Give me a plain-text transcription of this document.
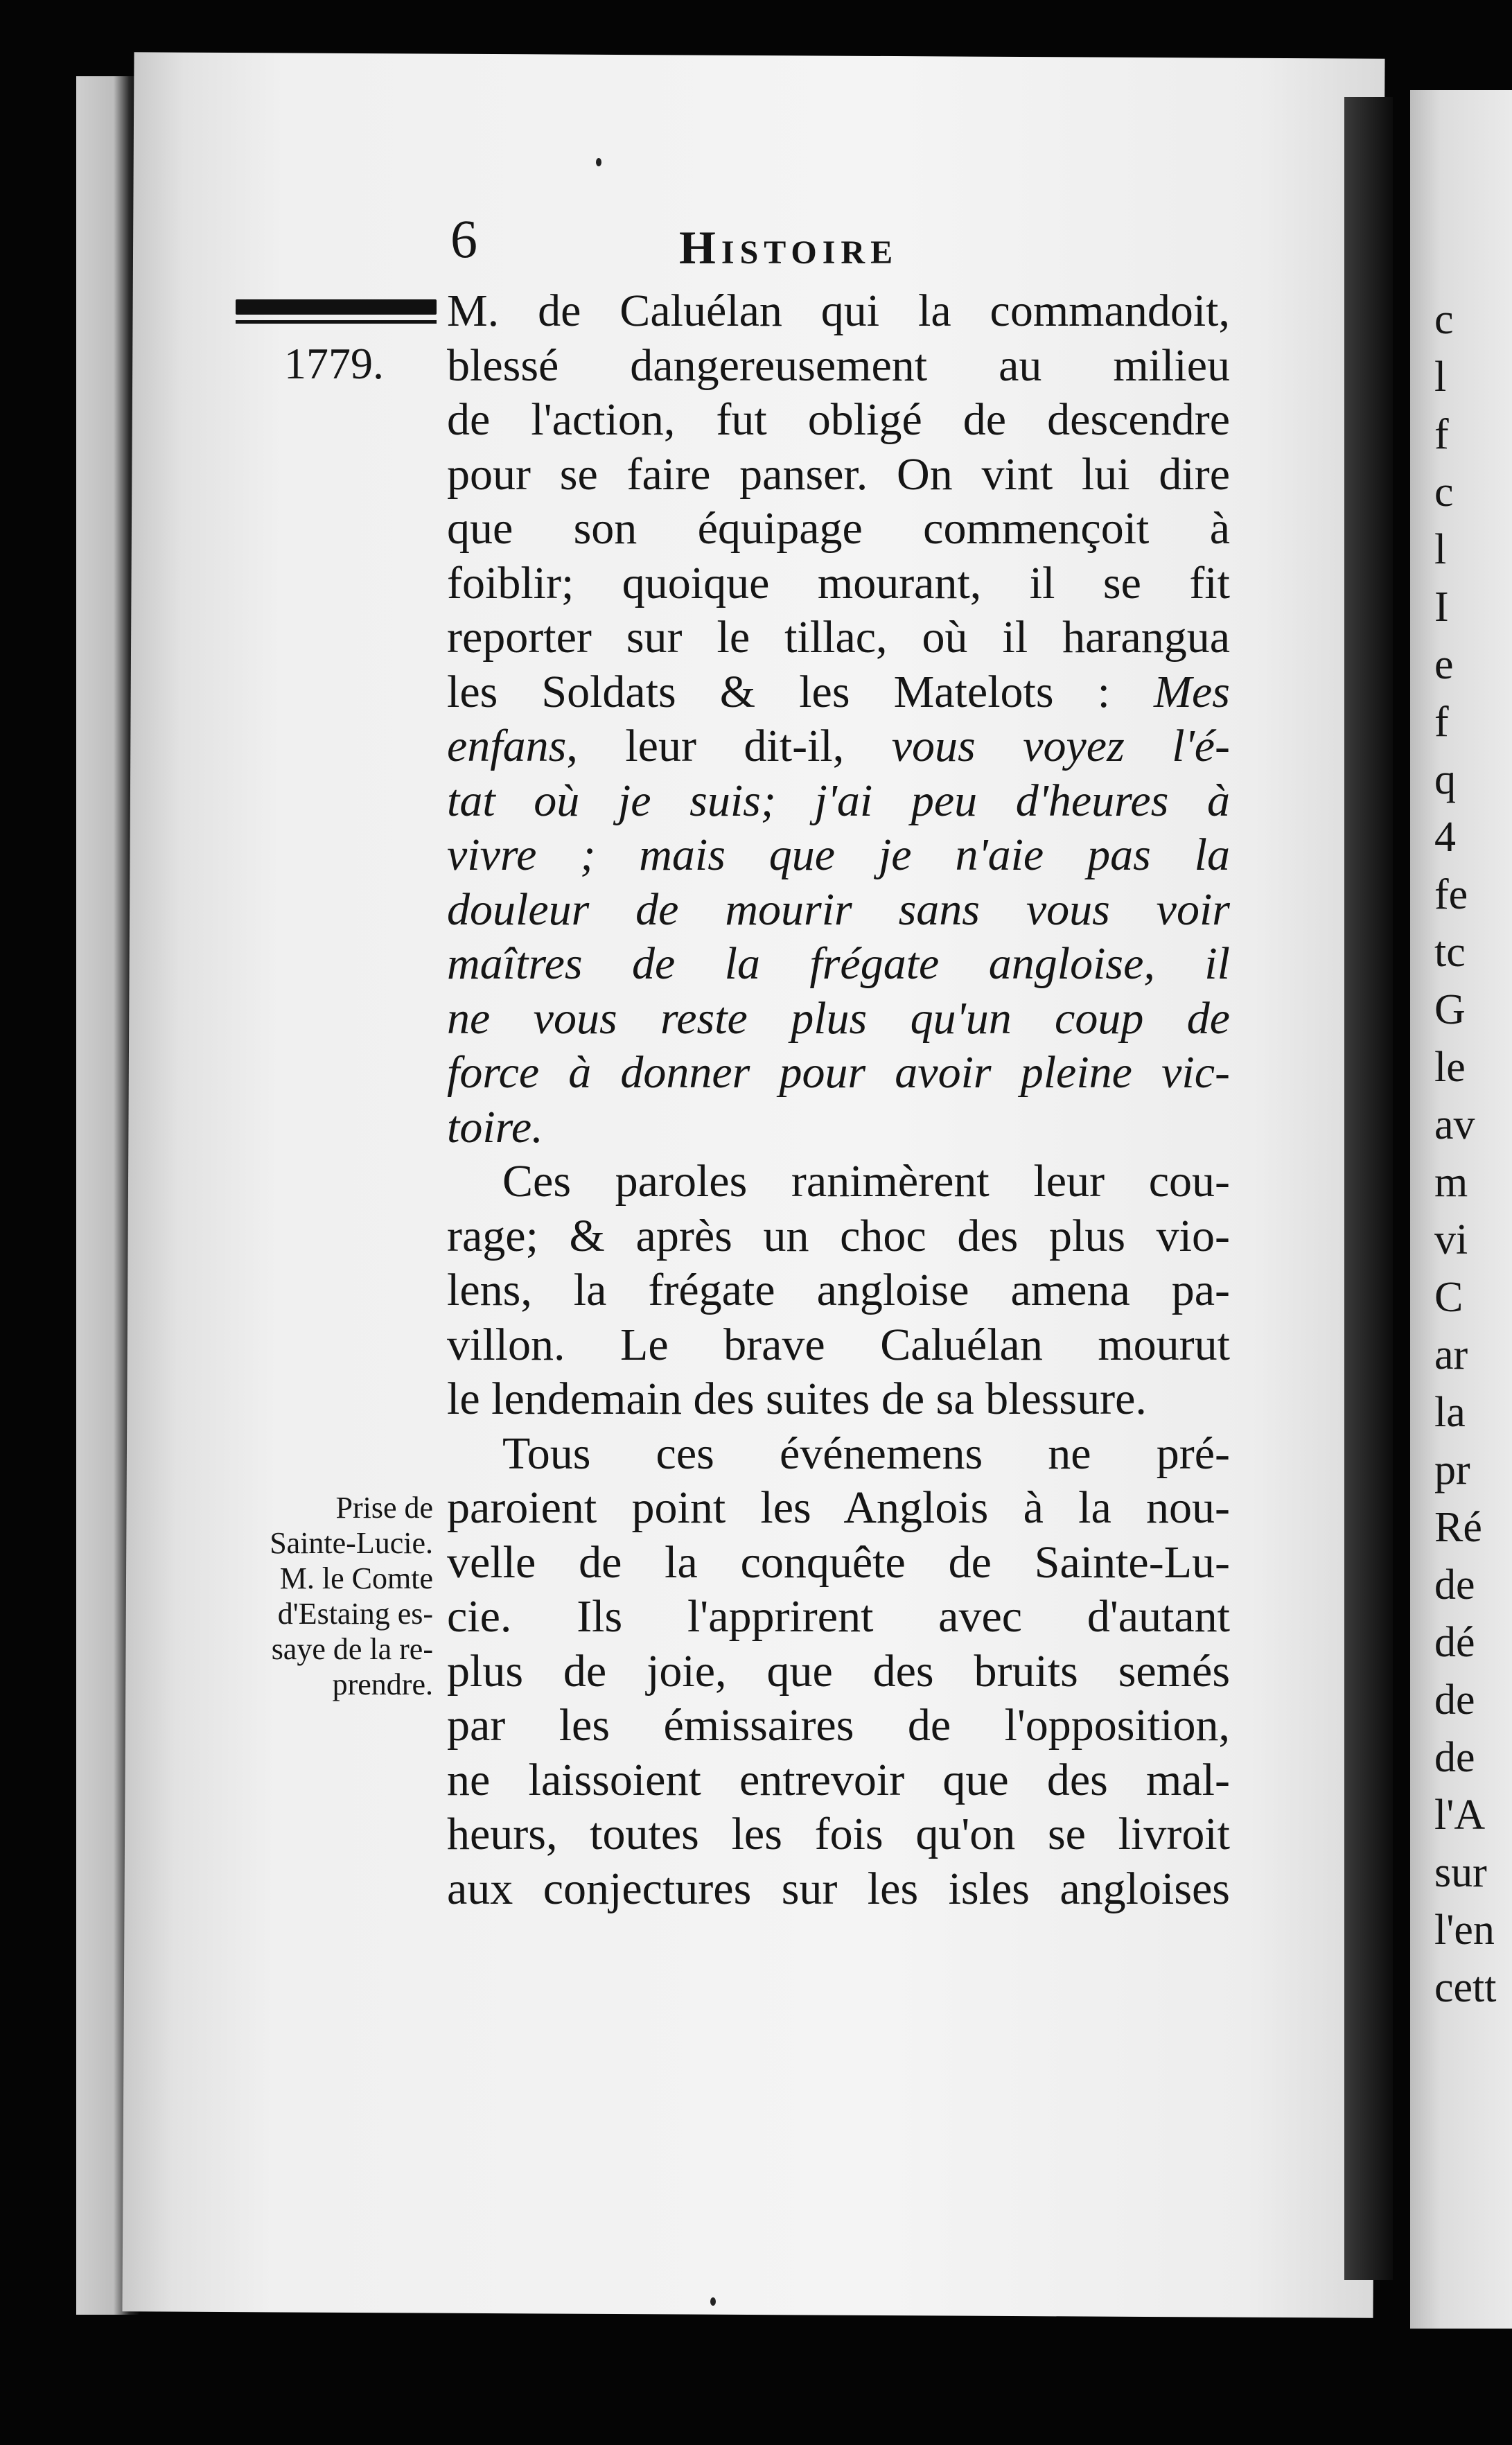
c
l
f
c
l
I
e
f
q
4
fe
tc
G
le
av
m
vi
C
ar
la
pr
Ré
de
dé
de
de
l'A
sur
l'en
cett
6	Histoire
1779.
M. de Caluélan qui la commandoit,
blessé dangereusement au milieu
de l'action, fut obligé de descendre
pour se faire panser. On vint lui dire
que son équipage commençoit à
foiblir; quoique mourant, il se fit
reporter sur le tillac, où il harangua
les Soldats & les Matelots : Mes
enfans, leur dit-il, vous voyez l'é-
tat où je suis; j'ai peu d'heures à
vivre ; mais que je n'aie pas la
douleur de mourir sans vous voir
maîtres de la frégate angloise, il
ne vous reste plus qu'un coup de
force à donner pour avoir pleine vic-
toire.
Ces paroles ranimèrent leur cou-
rage; & après un choc des plus vio-
lens, la frégate angloise amena pa-
villon. Le brave Caluélan mourut
le lendemain des suites de sa blessure.
Tous ces événemens ne pré-
paroient point les Anglois à la nou-
velle de la conquête de Sainte-Lu-
cie. Ils l'apprirent avec d'autant
plus de joie, que des bruits semés
par les émissaires de l'opposition,
ne laissoient entrevoir que des mal-
heurs, toutes les fois qu'on se livroit
aux conjectures sur les isles angloises
Prise de
Sainte-Lucie.
M. le Comte
d'Estaing es-
saye de la re-
prendre.
